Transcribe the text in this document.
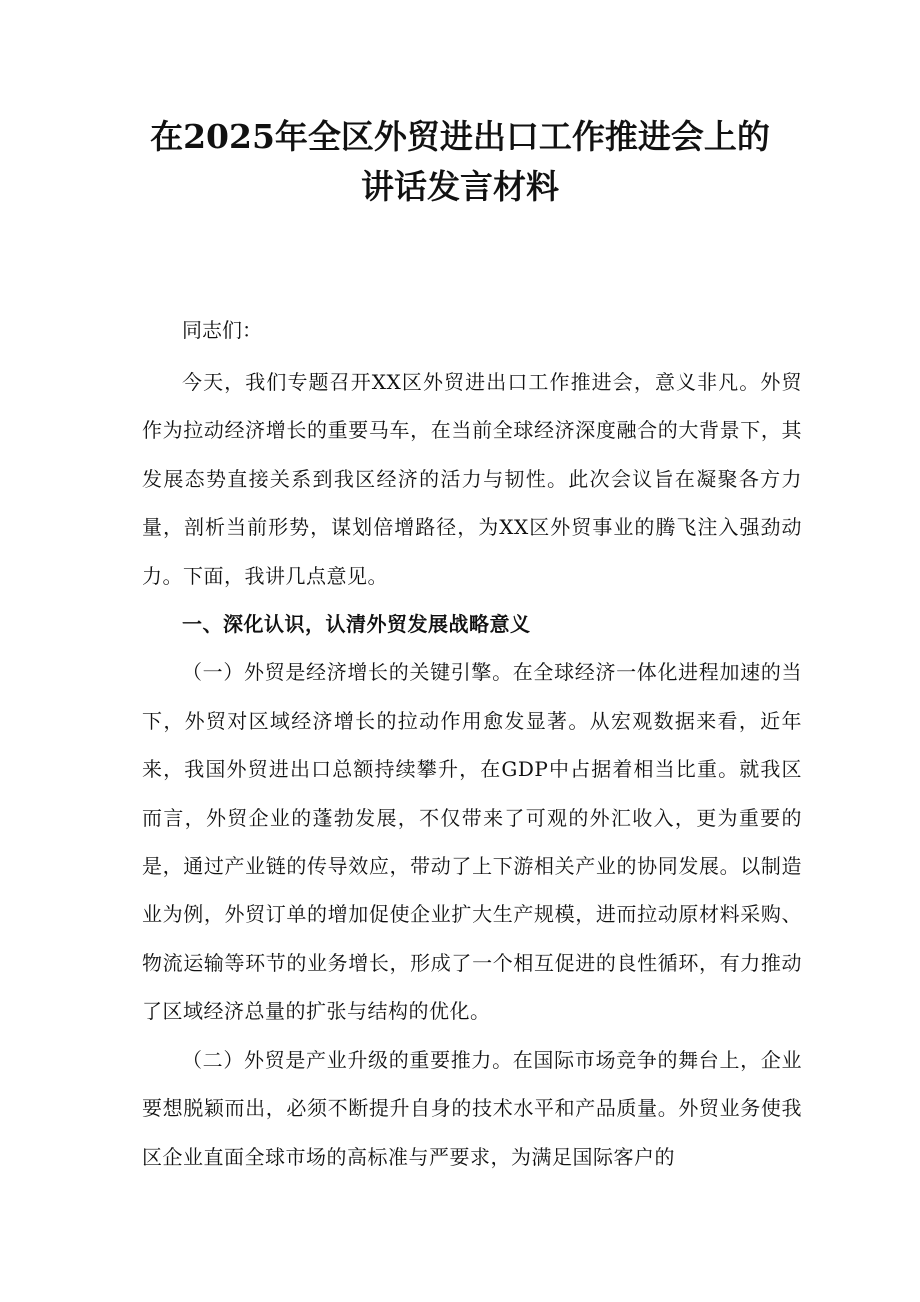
在2025年全区外贸进出口工作推进会上的
讲话发言材料
同志们：

今天，我们专题召开XX区外贸进出口工作推进会，意义非凡。外贸作为拉动经济增长的重要马车，在当前全球经济深度融合的大背景下，其发展态势直接关系到我区经济的活力与韧性。此次会议旨在凝聚各方力量，剖析当前形势，谋划倍增路径，为XX区外贸事业的腾飞注入强劲动力。下面，我讲几点意见。

一、深化认识，认清外贸发展战略意义

（一）外贸是经济增长的关键引擎。在全球经济一体化进程加速的当下，外贸对区域经济增长的拉动作用愈发显著。从宏观数据来看，近年来，我国外贸进出口总额持续攀升，在GDP中占据着相当比重。就我区而言，外贸企业的蓬勃发展，不仅带来了可观的外汇收入，更为重要的是，通过产业链的传导效应，带动了上下游相关产业的协同发展。以制造业为例，外贸订单的增加促使企业扩大生产规模，进而拉动原材料采购、物流运输等环节的业务增长，形成了一个相互促进的良性循环，有力推动了区域经济总量的扩张与结构的优化。

（二）外贸是产业升级的重要推力。在国际市场竞争的舞台上，企业要想脱颖而出，必须不断提升自身的技术水平和产品质量。外贸业务使我区企业直面全球市场的高标准与严要求，为满足国际客户的
